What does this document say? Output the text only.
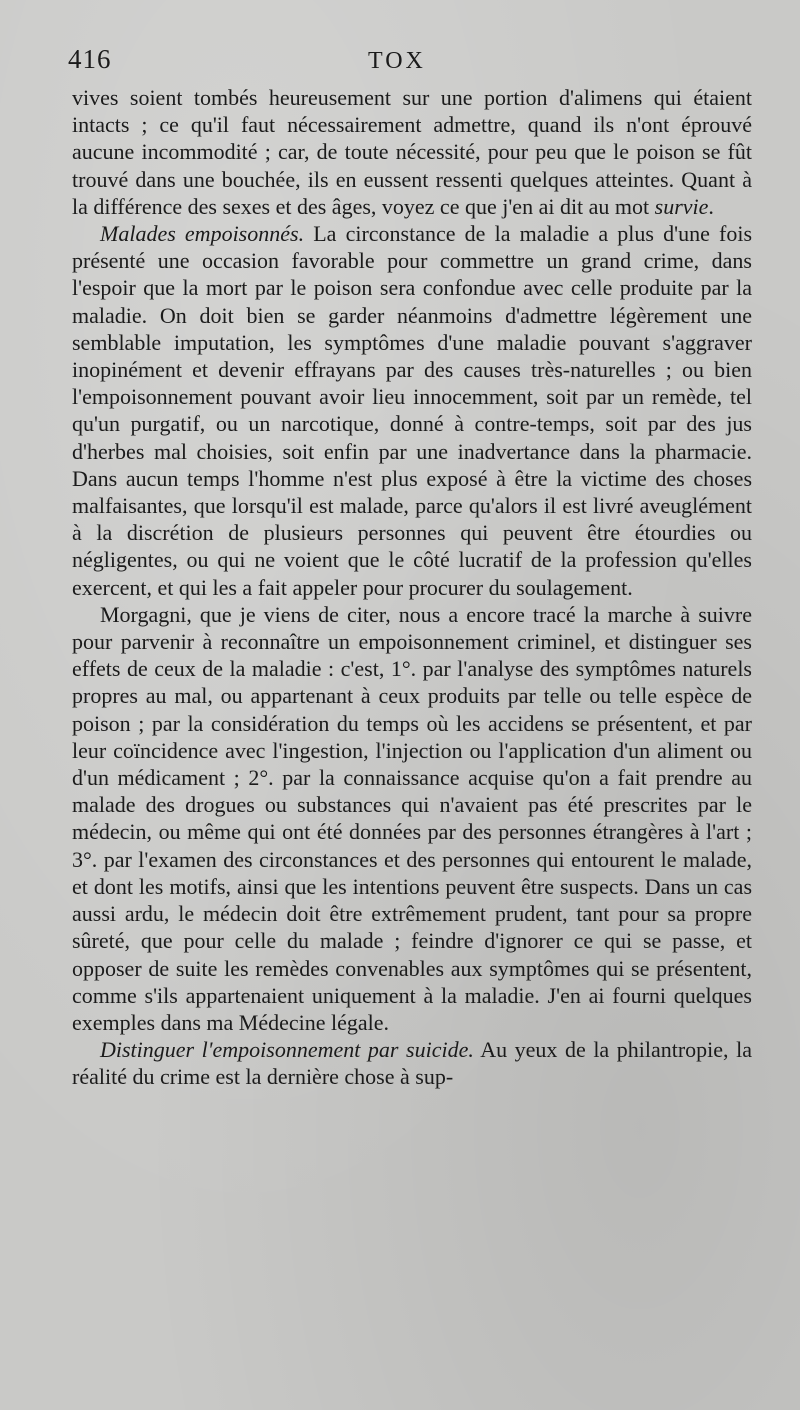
416	TOX

vives soient tombés heureusement sur une portion d'alimens qui étaient intacts ; ce qu'il faut nécessairement admettre, quand ils n'ont éprouvé aucune incommodité ; car, de toute nécessité, pour peu que le poison se fût trouvé dans une bouchée, ils en eussent ressenti quelques atteintes. Quant à la différence des sexes et des âges, voyez ce que j'en ai dit au mot survie.

Malades empoisonnés. La circonstance de la maladie a plus d'une fois présenté une occasion favorable pour commettre un grand crime, dans l'espoir que la mort par le poison sera confondue avec celle produite par la maladie. On doit bien se garder néanmoins d'admettre légèrement une semblable imputation, les symptômes d'une maladie pouvant s'aggraver inopinément et devenir effrayans par des causes très-naturelles ; ou bien l'empoisonnement pouvant avoir lieu innocemment, soit par un remède, tel qu'un purgatif, ou un narcotique, donné à contre-temps, soit par des jus d'herbes mal choisies, soit enfin par une inadvertance dans la pharmacie. Dans aucun temps l'homme n'est plus exposé à être la victime des choses malfaisantes, que lorsqu'il est malade, parce qu'alors il est livré aveuglément à la discrétion de plusieurs personnes qui peuvent être étourdies ou négligentes, ou qui ne voient que le côté lucratif de la profession qu'elles exercent, et qui les a fait appeler pour procurer du soulagement.

Morgagni, que je viens de citer, nous a encore tracé la marche à suivre pour parvenir à reconnaître un empoisonnement criminel, et distinguer ses effets de ceux de la maladie : c'est, 1°. par l'analyse des symptômes naturels propres au mal, ou appartenant à ceux produits par telle ou telle espèce de poison ; par la considération du temps où les accidens se présentent, et par leur coïncidence avec l'ingestion, l'injection ou l'application d'un aliment ou d'un médicament ; 2°. par la connaissance acquise qu'on a fait prendre au malade des drogues ou substances qui n'avaient pas été prescrites par le médecin, ou même qui ont été données par des personnes étrangères à l'art ; 3°. par l'examen des circonstances et des personnes qui entourent le malade, et dont les motifs, ainsi que les intentions peuvent être suspects. Dans un cas aussi ardu, le médecin doit être extrêmement prudent, tant pour sa propre sûreté, que pour celle du malade ; feindre d'ignorer ce qui se passe, et opposer de suite les remèdes convenables aux symptômes qui se présentent, comme s'ils appartenaient uniquement à la maladie. J'en ai fourni quelques exemples dans ma Médecine légale.

Distinguer l'empoisonnement par suicide. Au yeux de la philantropie, la réalité du crime est la dernière chose à sup-
